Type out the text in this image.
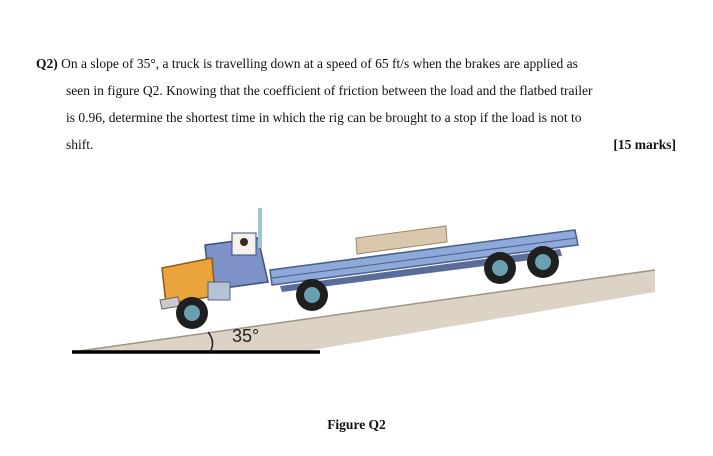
Q2) On a slope of 35°, a truck is travelling down at a speed of 65 ft/s when the brakes are applied as
seen in figure Q2. Knowing that the coefficient of friction between the load and the flatbed trailer
is 0.96, determine the shortest time in which the rig can be brought to a stop if the load is not to
shift.	[15 marks]
35°
Figure Q2
